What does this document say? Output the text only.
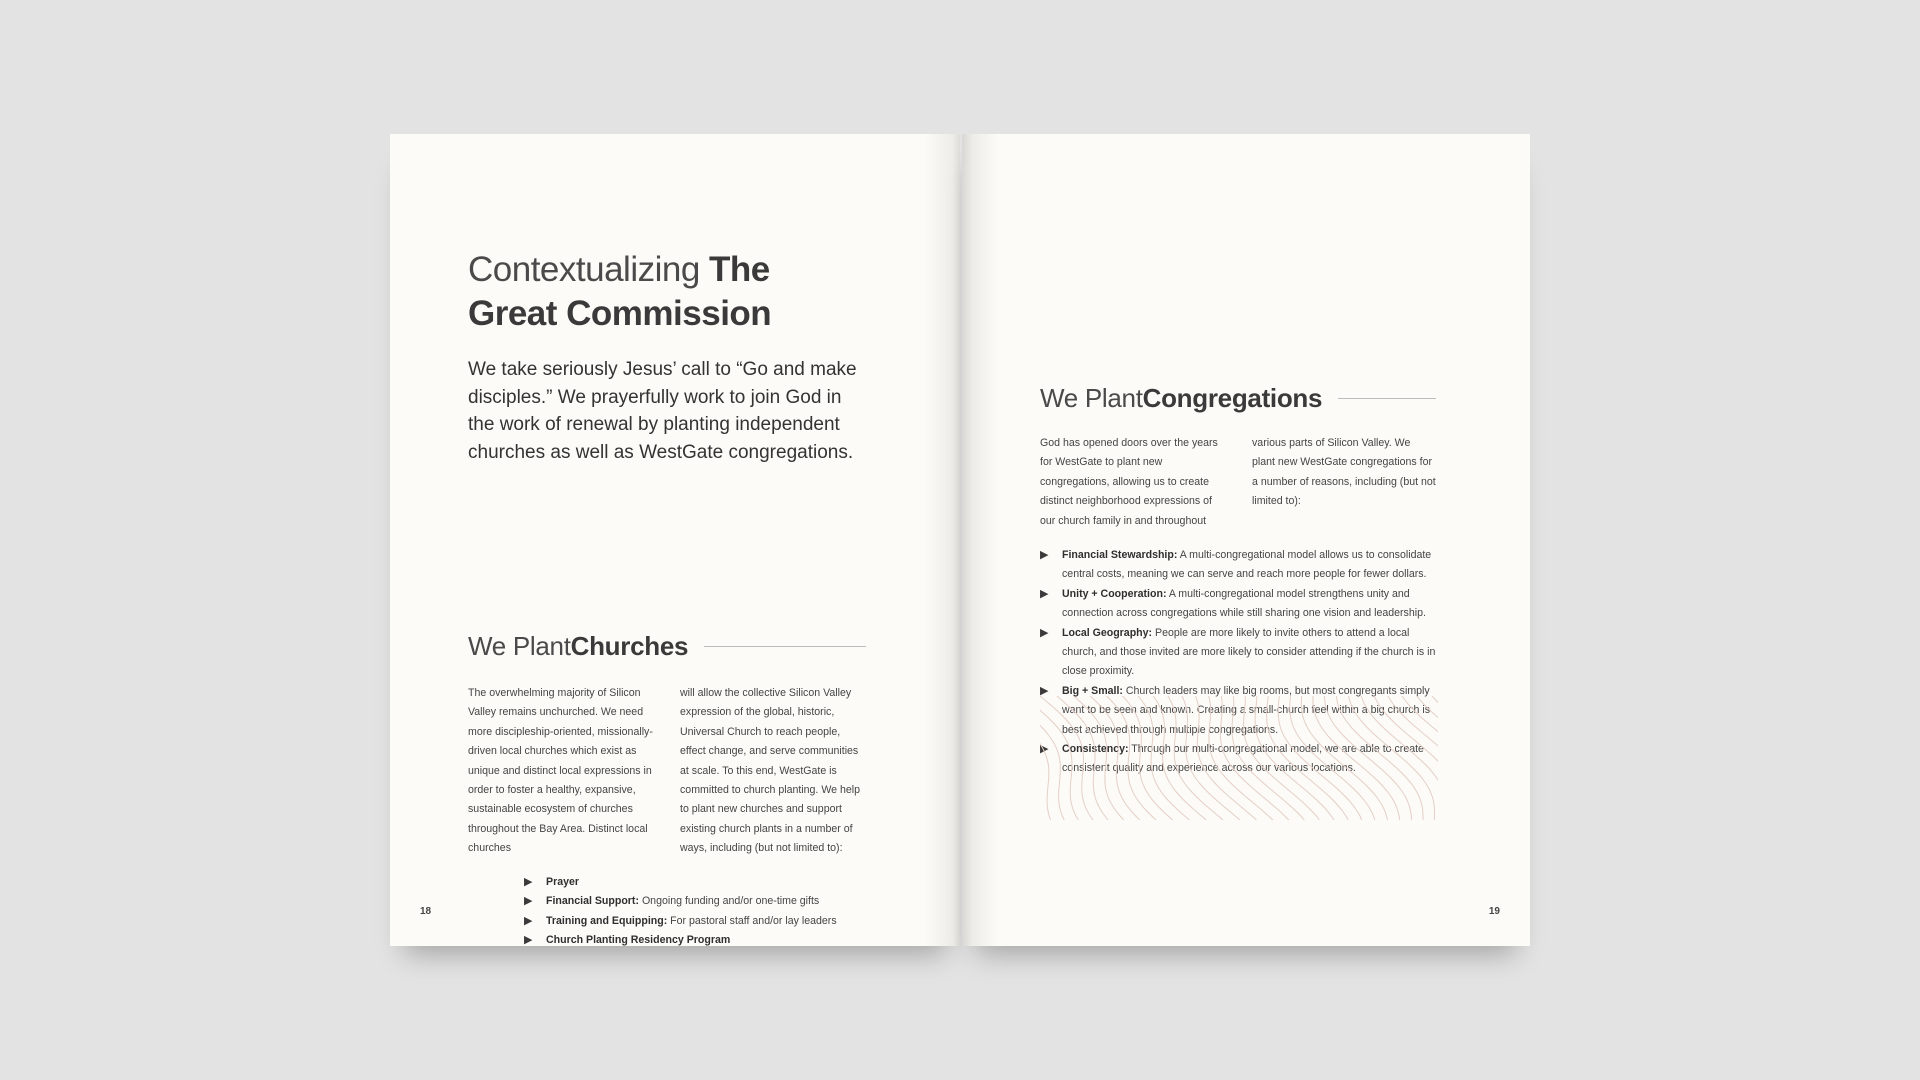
Contextualizing The
Great Commission
We take seriously Jesus’ call to “Go and make disciples.” We prayerfully work to join God in the work of renewal by planting independent churches as well as WestGate congregations.
We Plant Churches
The overwhelming majority of Silicon Valley remains unchurched. We need more discipleship-oriented, missionally-driven local churches which exist as unique and distinct local expressions in order to foster a healthy, expansive, sustainable ecosystem of churches throughout the Bay Area. Distinct local churches
will allow the collective Silicon Valley expression of the global, historic, Universal Church to reach people, effect change, and serve communities at scale. To this end, WestGate is committed to church planting. We help to plant new churches and support existing church plants in a number of ways, including (but not limited to):
▶ Prayer
▶ Financial Support: Ongoing funding and/or one-time gifts
▶ Training and Equipping: For pastoral staff and/or lay leaders
▶ Church Planting Residency Program
18
We Plant Congregations
God has opened doors over the years for WestGate to plant new congregations, allowing us to create distinct neighborhood expressions of our church family in and throughout
various parts of Silicon Valley. We plant new WestGate congregations for a number of reasons, including (but not limited to):
▶ Financial Stewardship: A multi-congregational model allows us to consolidate central costs, meaning we can serve and reach more people for fewer dollars.
▶ Unity + Cooperation: A multi-congregational model strengthens unity and connection across congregations while still sharing one vision and leadership.
▶ Local Geography: People are more likely to invite others to attend a local church, and those invited are more likely to consider attending if the church is in close proximity.
▶ Big + Small: Church leaders may like big rooms, but most congregants simply want to be seen and known. Creating a small-church feel within a big church is best achieved through multiple congregations.
▶ Consistency: Through our multi-congregational model, we are able to create consistent quality and experience across our various locations.
19
